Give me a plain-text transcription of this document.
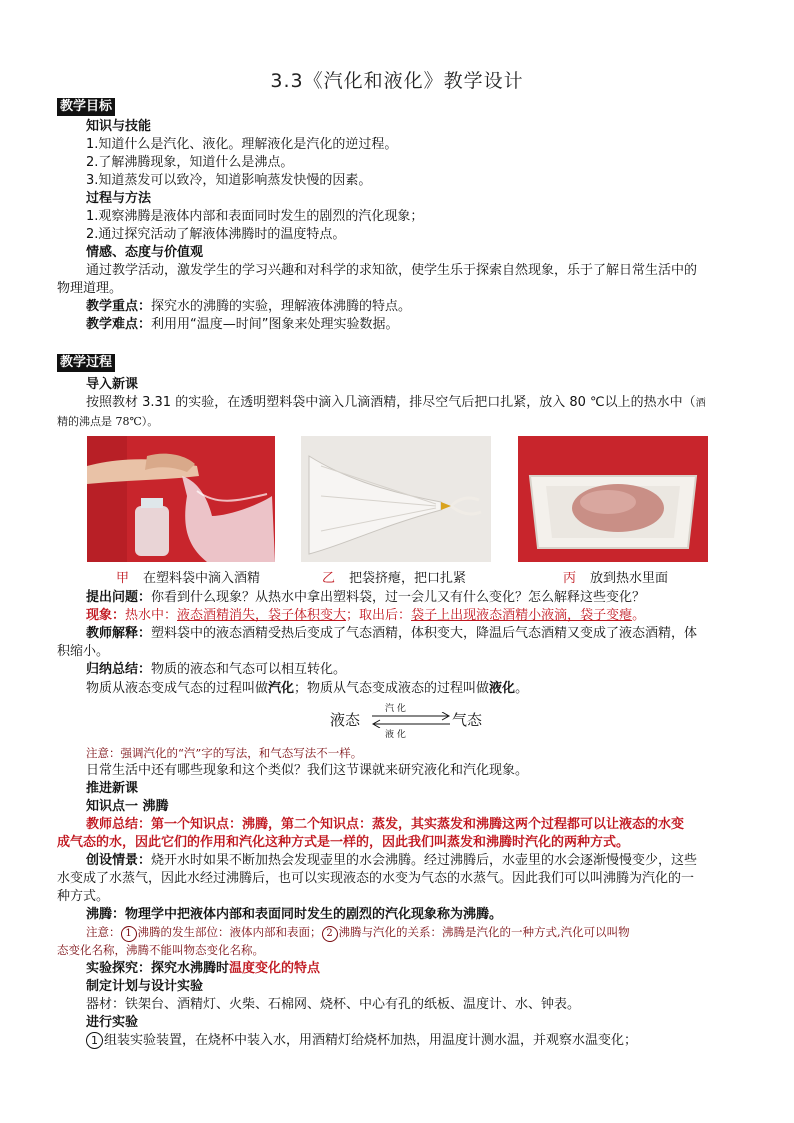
3.3《汽化和液化》教学设计
教学目标
知识与技能
1.知道什么是汽化、液化。理解液化是汽化的逆过程。
2.了解沸腾现象，知道什么是沸点。
3.知道蒸发可以致冷，知道影响蒸发快慢的因素。
过程与方法
1.观察沸腾是液体内部和表面同时发生的剧烈的汽化现象；
2.通过探究活动了解液体沸腾时的温度特点。
情感、态度与价值观
通过教学活动，激发学生的学习兴趣和对科学的求知欲，使学生乐于探索自然现象，乐于了解日常生活中的
物理道理。
教学重点：探究水的沸腾的实验，理解液体沸腾的特点。
教学难点：利用用“温度—时间”图象来处理实验数据。
教学过程
导入新课
按照教材 3.31 的实验，在透明塑料袋中滴入几滴酒精，排尽空气后把口扎紧，放入 80 ℃以上的热水中（酒
精的沸点是 78℃）。
甲 在塑料袋中滴入酒精	乙 把袋挤瘪，把口扎紧	丙 放到热水里面
提出问题：你看到什么现象？从热水中拿出塑料袋，过一会儿又有什么变化？怎么解释这些变化？
现象：热水中：液态酒精消失，袋子体积变大；取出后：袋子上出现液态酒精小液滴，袋子变瘪。
教师解释：塑料袋中的液态酒精受热后变成了气态酒精，体积变大，降温后气态酒精又变成了液态酒精，体
积缩小。
归纳总结：物质的液态和气态可以相互转化。
物质从液态变成气态的过程叫做汽化；物质从气态变成液态的过程叫做液化。
液态	气态
汽 化
液 化
注意：强调汽化的“汽”字的写法，和气态写法不一样。
日常生活中还有哪些现象和这个类似？我们这节课就来研究液化和汽化现象。
推进新课
知识点一 沸腾
教师总结：第一个知识点：沸腾，第二个知识点：蒸发，其实蒸发和沸腾这两个过程都可以让液态的水变
成气态的水，因此它们的作用和汽化这种方式是一样的，因此我们叫蒸发和沸腾时汽化的两种方式。
创设情景：烧开水时如果不断加热会发现壶里的水会沸腾。经过沸腾后，水壶里的水会逐渐慢慢变少，这些
水变成了水蒸气，因此水经过沸腾后，也可以实现液态的水变为气态的水蒸气。因此我们可以叫沸腾为汽化的一
种方式。
沸腾：物理学中把液体内部和表面同时发生的剧烈的汽化现象称为沸腾。
注意： 1 沸腾的发生部位：液体内部和表面； 2 沸腾与汽化的关系：沸腾是汽化的一种方式,汽化可以叫物
态变化名称，沸腾不能叫物态变化名称。
实验探究：探究水沸腾时温度变化的特点
制定计划与设计实验
器材：铁架台、酒精灯、火柴、石棉网、烧杯、中心有孔的纸板、温度计、水、钟表。
进行实验
1 组装实验装置，在烧杯中装入水，用酒精灯给烧杯加热，用温度计测水温，并观察水温变化；
